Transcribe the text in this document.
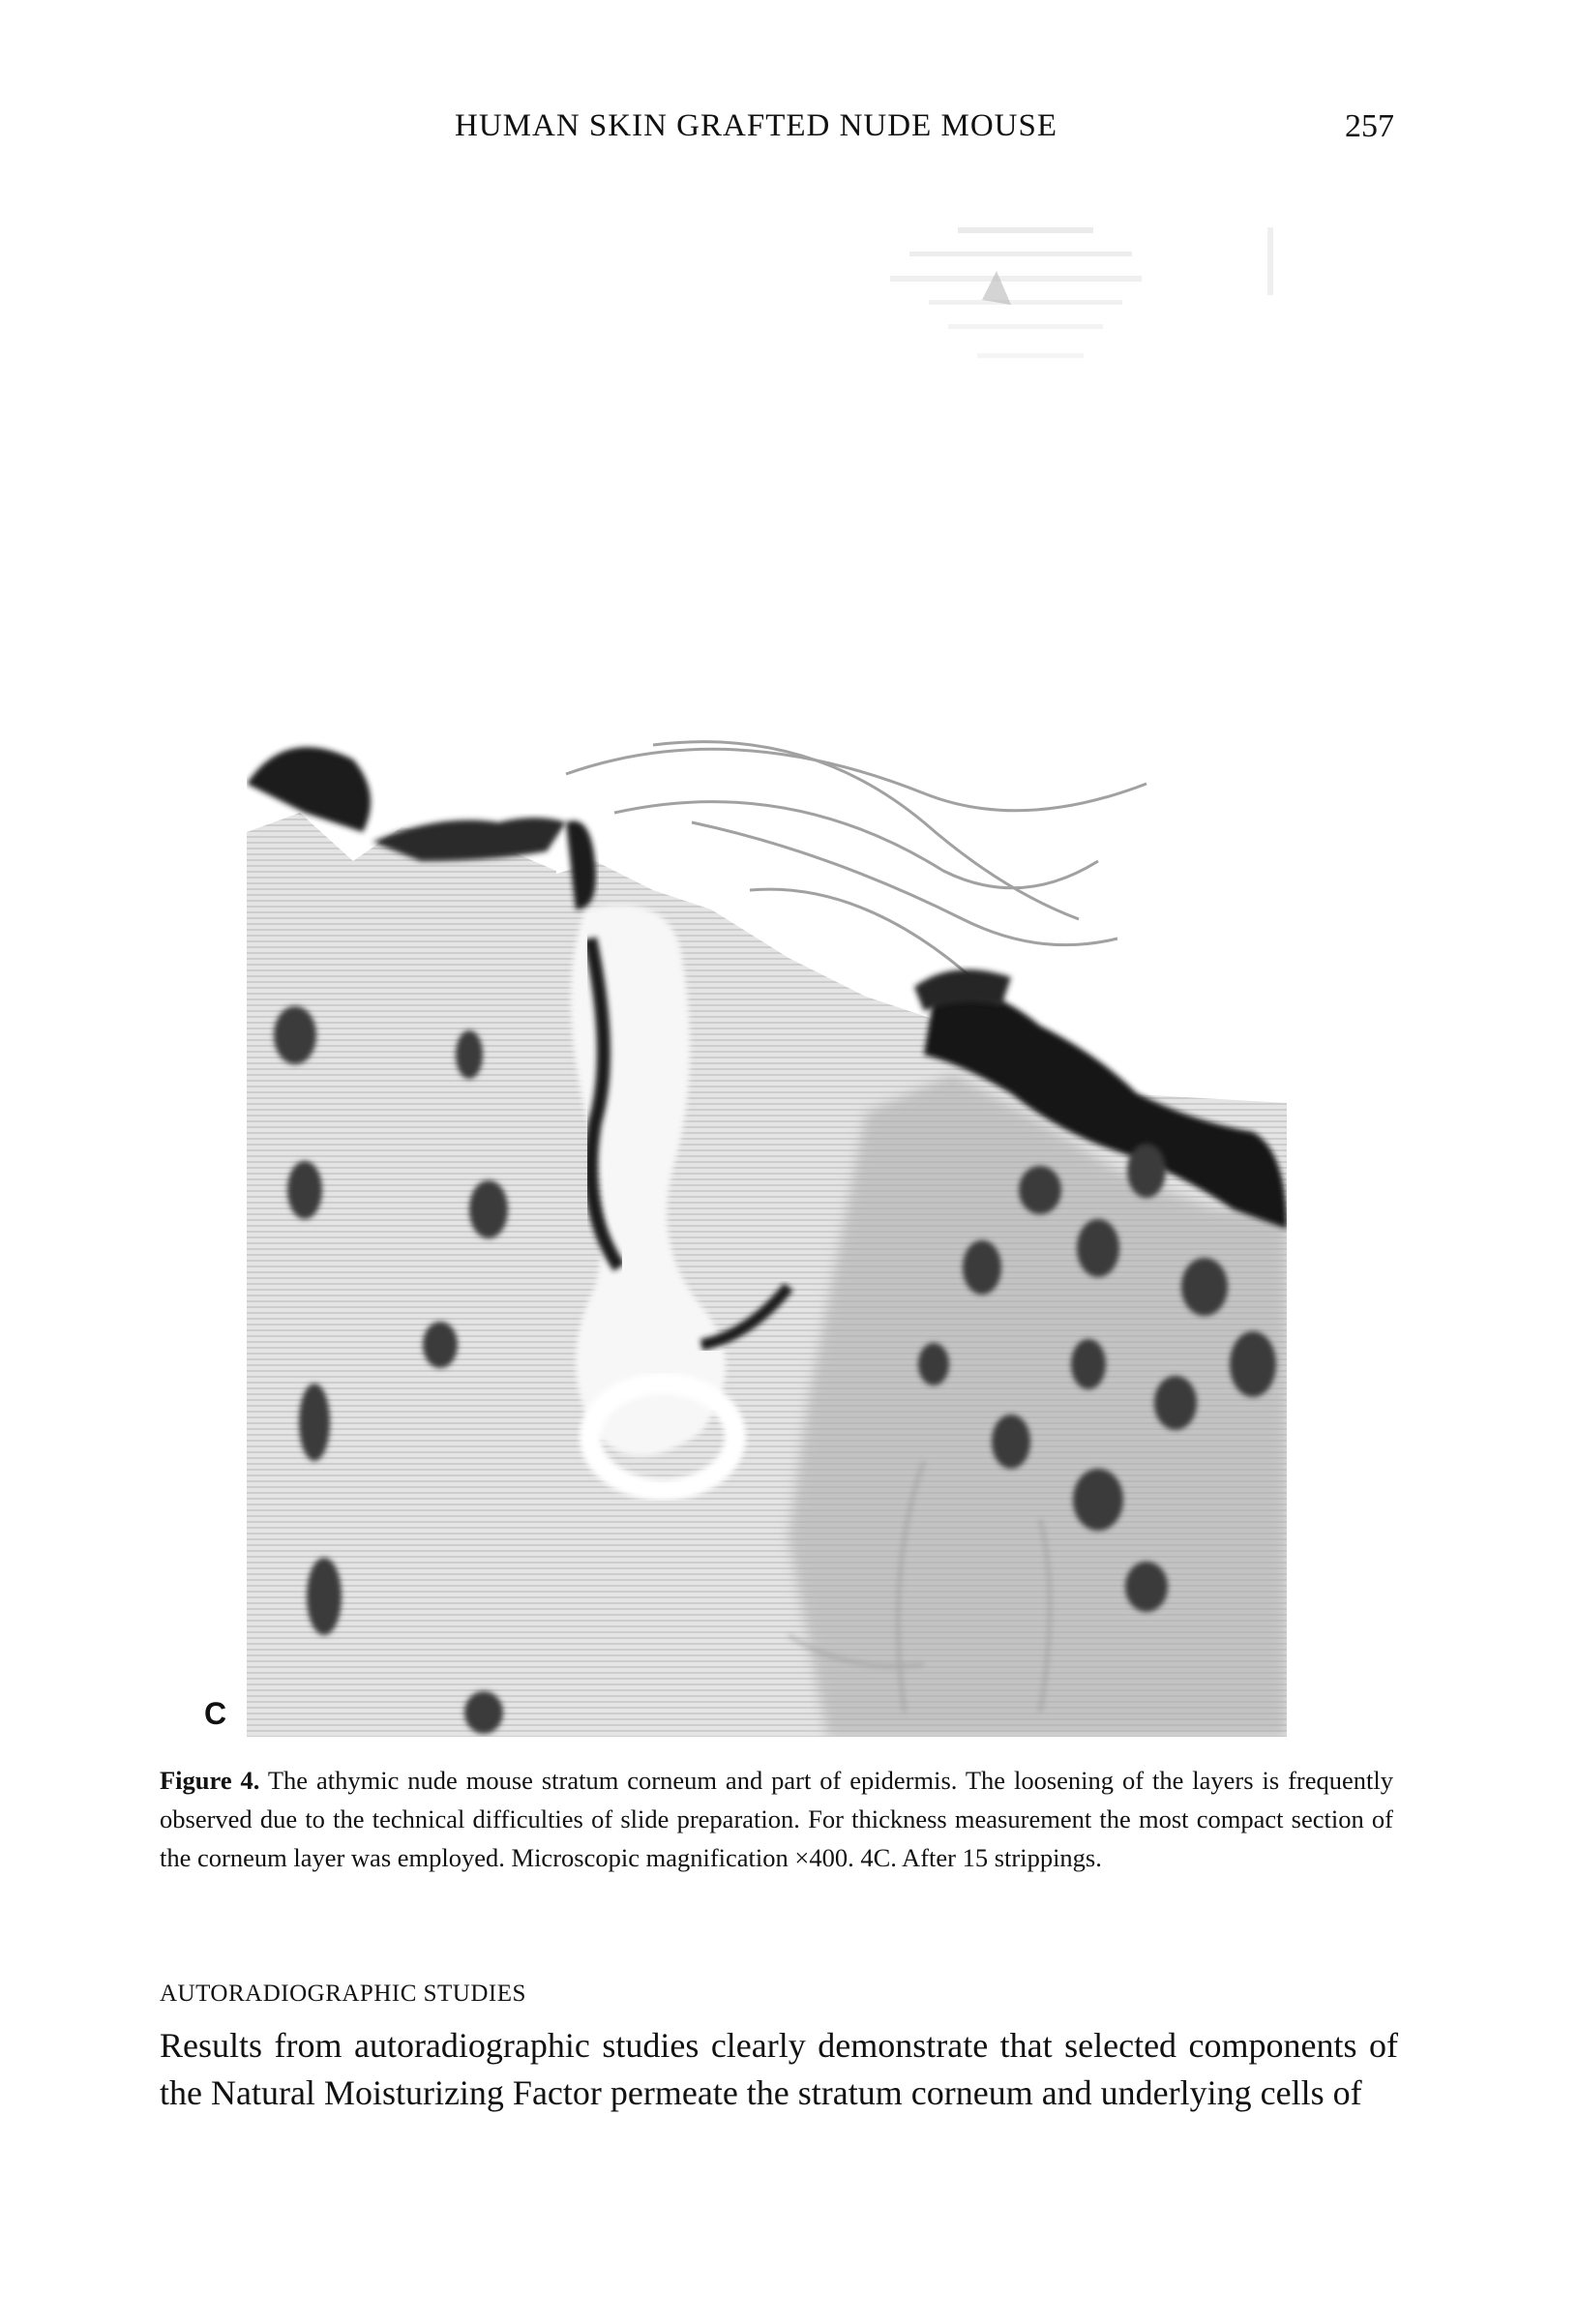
HUMAN SKIN GRAFTED NUDE MOUSE	257
C
Figure 4. The athymic nude mouse stratum corneum and part of epidermis. The loosening of the layers is frequently observed due to the technical difficulties of slide preparation. For thickness measurement the most compact section of the corneum layer was employed. Microscopic magnification ×400. 4C. After 15 strippings.
AUTORADIOGRAPHIC STUDIES
Results from autoradiographic studies clearly demonstrate that selected components of the Natural Moisturizing Factor permeate the stratum corneum and underlying cells of
